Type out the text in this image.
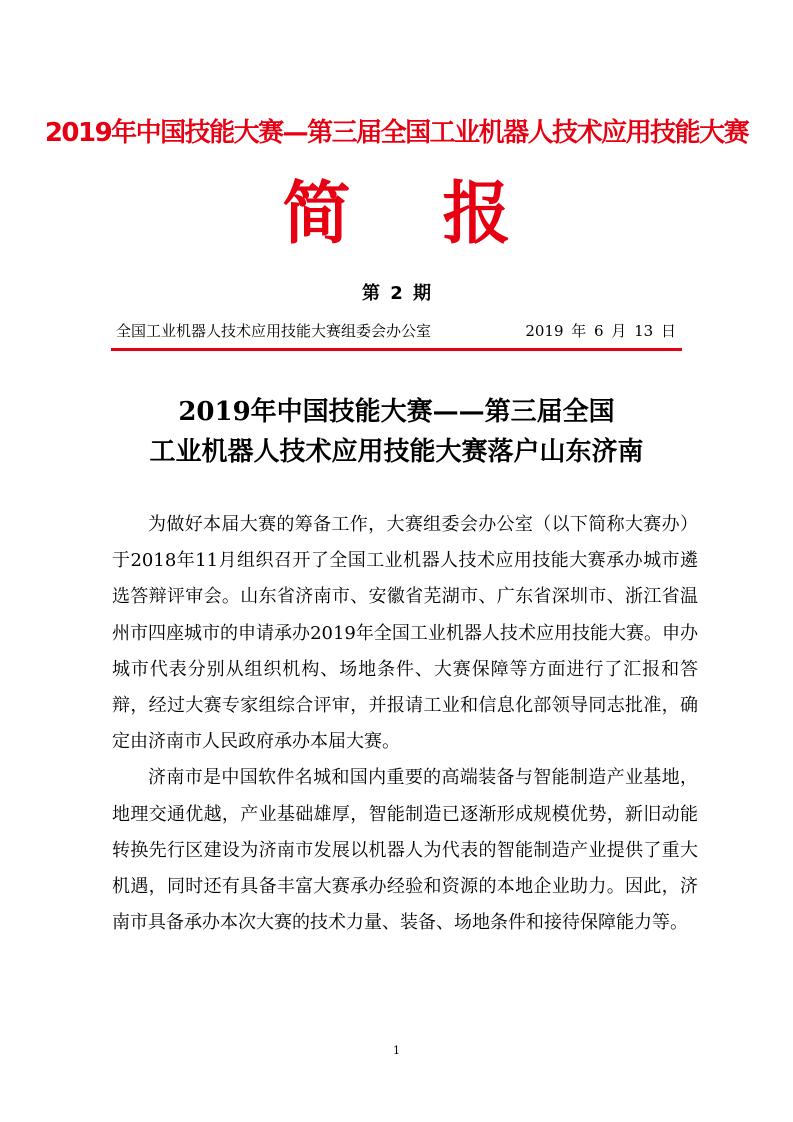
2019年中国技能大赛—第三届全国工业机器人技术应用技能大赛
简报
第 2 期
全国工业机器人技术应用技能大赛组委会办公室	2019 年 6 月 13 日
2019年中国技能大赛——第三届全国
工业机器人技术应用技能大赛落户山东济南

为做好本届大赛的筹备工作，大赛组委会办公室（以下简称大赛办）于2018年11月组织召开了全国工业机器人技术应用技能大赛承办城市遴选答辩评审会。山东省济南市、安徽省芜湖市、广东省深圳市、浙江省温州市四座城市的申请承办2019年全国工业机器人技术应用技能大赛。申办城市代表分别从组织机构、场地条件、大赛保障等方面进行了汇报和答辩，经过大赛专家组综合评审，并报请工业和信息化部领导同志批准，确定由济南市人民政府承办本届大赛。

济南市是中国软件名城和国内重要的高端装备与智能制造产业基地，地理交通优越，产业基础雄厚，智能制造已逐渐形成规模优势，新旧动能转换先行区建设为济南市发展以机器人为代表的智能制造产业提供了重大机遇，同时还有具备丰富大赛承办经验和资源的本地企业助力。因此，济南市具备承办本次大赛的技术力量、装备、场地条件和接待保障能力等。

1
